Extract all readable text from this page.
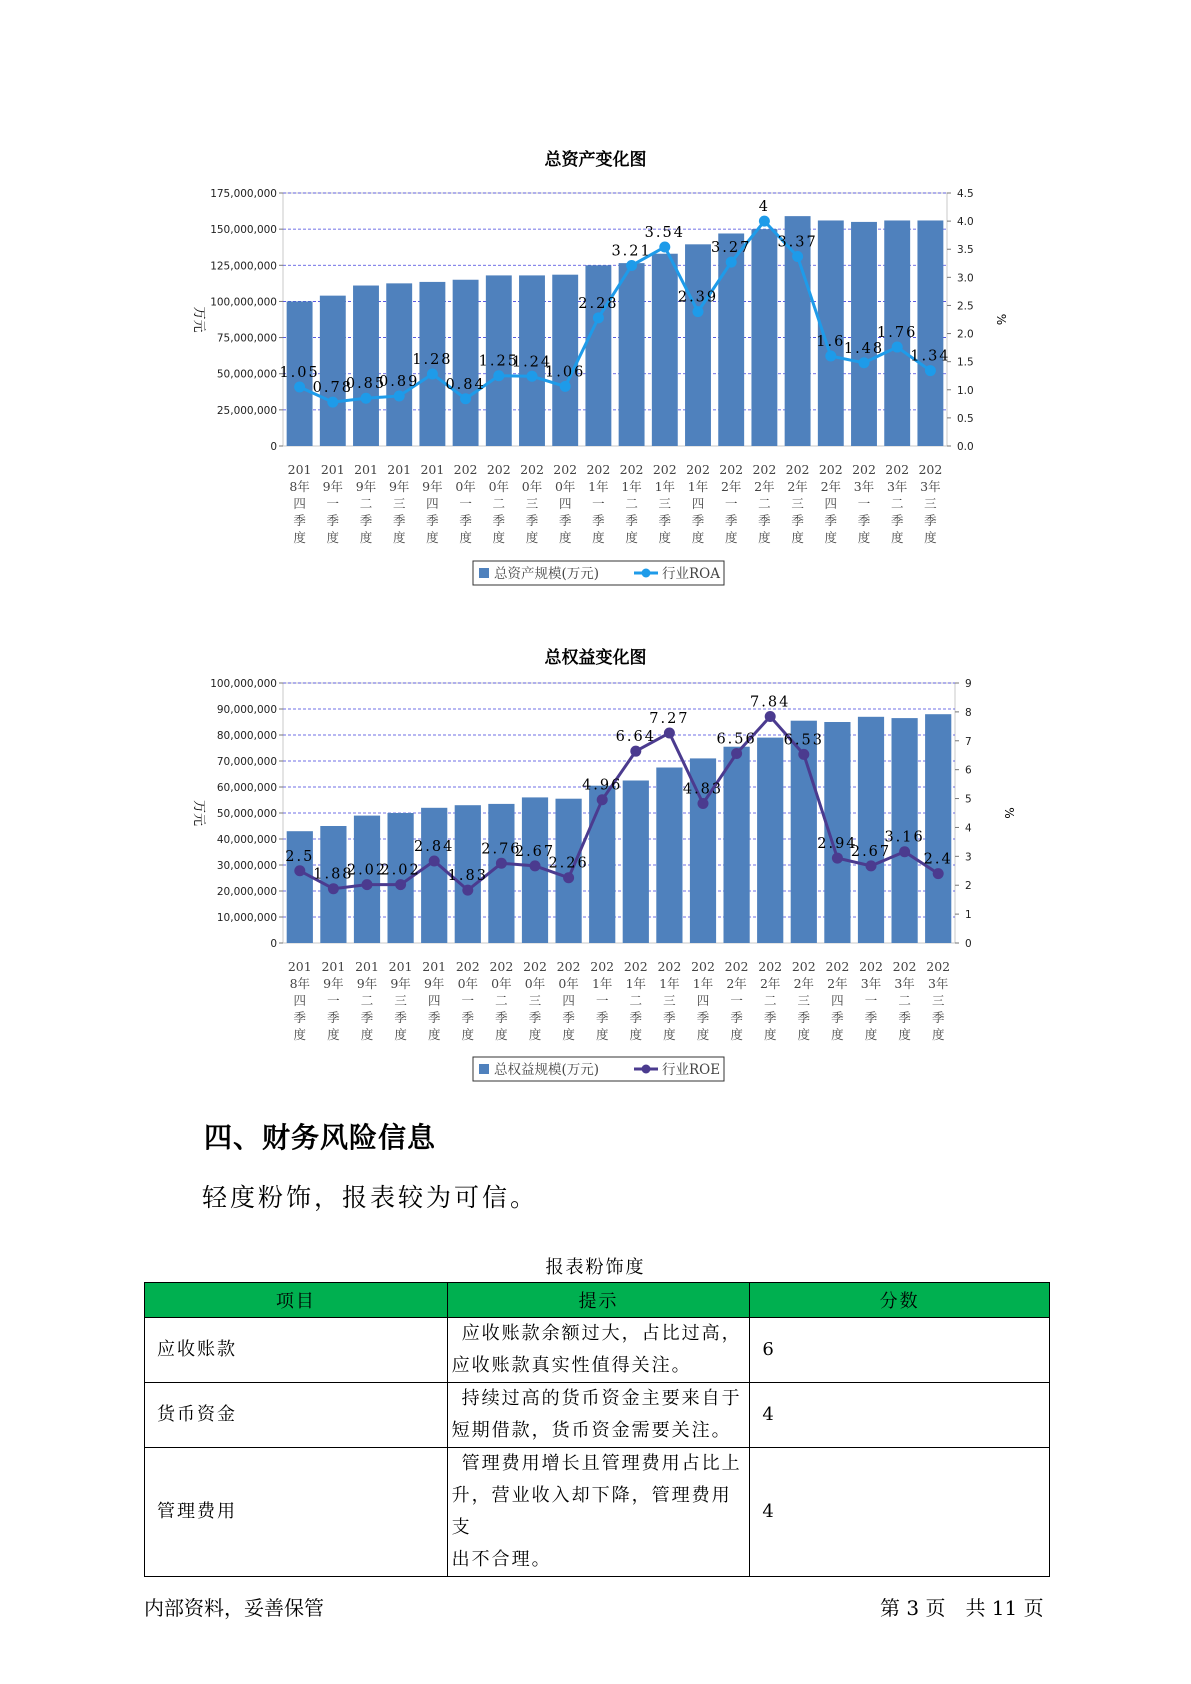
总资产变化图
175,000,000
150,000,000
125,000,000
100,000,000
75,000,000
50,000,000
25,000,000
0
4.5
4.0
3.5
3.0
2.5
2.0
1.5
1.0
0.5
0.0
万元	%
201
8年
四
季
度
201
9年
一
季
度
201
9年
二
季
度
201
9年
三
季
度
201
9年
四
季
度
202
0年
一
季
度
202
0年
二
季
度
202
0年
三
季
度
202
0年
四
季
度
202
1年
一
季
度
202
1年
二
季
度
202
1年
三
季
度
202
1年
四
季
度
202
2年
一
季
度
202
2年
二
季
度
202
2年
三
季
度
202
2年
四
季
度
202
3年
一
季
度
202
3年
二
季
度
202
3年
三
季
度
1.05
0.78
0.85
0.89
1.28
0.84
1.25
1.24
1.06
2.28
3.21
3.54
2.39
3.27
4
3.37
1.6
1.48
1.76
1.34
总资产规模(万元)	行业ROA
总权益变化图
100,000,000
90,000,000
80,000,000
70,000,000
60,000,000
50,000,000
40,000,000
30,000,000
20,000,000
10,000,000
0
9
8
7
6
5
4
3
2
1
0
万元	%
201
8年
四
季
度
201
9年
一
季
度
201
9年
二
季
度
201
9年
三
季
度
201
9年
四
季
度
202
0年
一
季
度
202
0年
二
季
度
202
0年
三
季
度
202
0年
四
季
度
202
1年
一
季
度
202
1年
二
季
度
202
1年
三
季
度
202
1年
四
季
度
202
2年
一
季
度
202
2年
二
季
度
202
2年
三
季
度
202
2年
四
季
度
202
3年
一
季
度
202
3年
二
季
度
202
3年
三
季
度
2.5
1.88
2.02
2.02
2.84
1.83
2.76
2.67
2.26
4.96
6.64
7.27
4.83
6.56
7.84
6.53
2.94
2.67
3.16
2.4
总权益规模(万元)	行业ROE
四、财务风险信息
轻度粉饰，报表较为可信。
报表粉饰度
项目	提示	分数
应收账款	应收账款余额过大，占比过高，
应收账款真实性值得关注。	6
货币资金	持续过高的货币资金主要来自于
短期借款，货币资金需要关注。	4
管理费用	管理费用增长且管理费用占比上
升，营业收入却下降，管理费用支
出不合理。	4
内部资料，妥善保管	第 3 页　共 11 页
